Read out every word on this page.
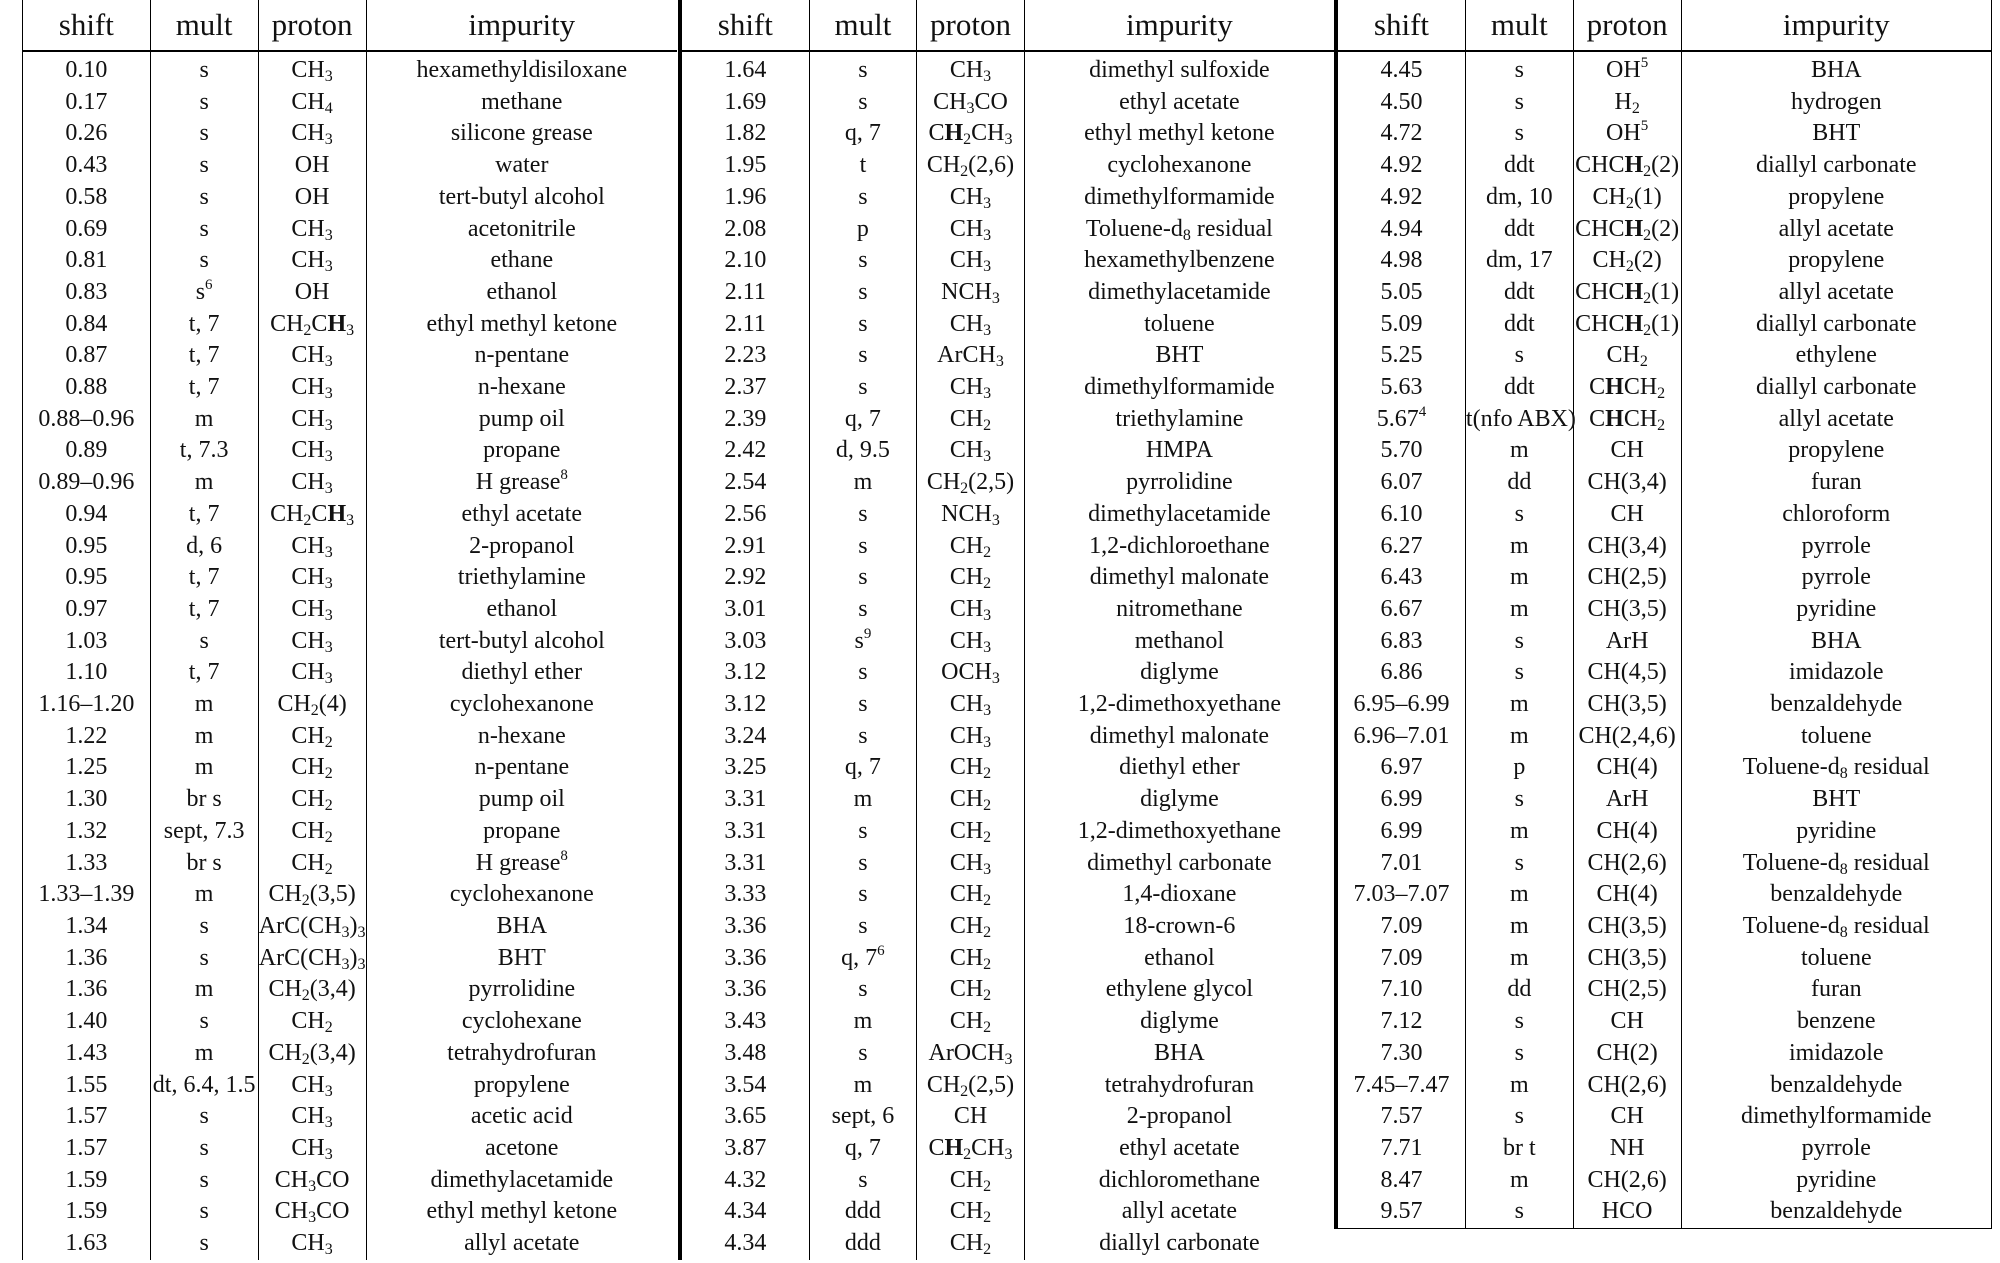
shift	mult	proton	impurity
0.10	s	$CH_3$	hexamethyldisiloxane
0.17	s	$CH_4$	methane
0.26	s	$CH_3$	silicone grease
0.43	s	OH	water
0.58	s	OH	tert-butyl alcohol
0.69	s	$CH_3$	acetonitrile
0.81	s	$CH_3$	ethane
0.83	$s^6$	OH	ethanol
0.84	t, 7	$CH_2CH_3$	ethyl methyl ketone
0.87	t, 7	$CH_3$	n-pentane
0.88	t, 7	$CH_3$	n-hexane
0.88–0.96	m	$CH_3$	pump oil
0.89	t, 7.3	$CH_3$	propane
0.89–0.96	m	$CH_3$	H grease$^8$
0.94	t, 7	$CH_2CH_3$	ethyl acetate
0.95	d, 6	$CH_3$	2-propanol
0.95	t, 7	$CH_3$	triethylamine
0.97	t, 7	$CH_3$	ethanol
1.03	s	$CH_3$	tert-butyl alcohol
1.10	t, 7	$CH_3$	diethyl ether
1.16–1.20	m	$CH_2(4)$	cyclohexanone
1.22	m	$CH_2$	n-hexane
1.25	m	$CH_2$	n-pentane
1.30	br s	$CH_2$	pump oil
1.32	sept, 7.3	$CH_2$	propane
1.33	br s	$CH_2$	H grease$^8$
1.33–1.39	m	$CH_2(3,5)$	cyclohexanone
1.34	s	$ArC(CH_3)_3$	BHA
1.36	s	$ArC(CH_3)_3$	BHT
1.36	m	$CH_2(3,4)$	pyrrolidine
1.40	s	$CH_2$	cyclohexane
1.43	m	$CH_2(3,4)$	tetrahydrofuran
1.55	dt, 6.4, 1.5	$CH_3$	propylene
1.57	s	$CH_3$	acetic acid
1.57	s	$CH_3$	acetone
1.59	s	$CH_3CO$	dimethylacetamide
1.59	s	$CH_3CO$	ethyl methyl ketone
1.63	s	$CH_3$	allyl acetate
shift	mult	proton	impurity
1.64	s	$CH_3$	dimethyl sulfoxide
1.69	s	$CH_3CO$	ethyl acetate
1.82	q, 7	$CH_2CH_3$	ethyl methyl ketone
1.95	t	$CH_2(2,6)$	cyclohexanone
1.96	s	$CH_3$	dimethylformamide
2.08	p	$CH_3$	Toluene-$d_8$ residual
2.10	s	$CH_3$	hexamethylbenzene
2.11	s	$NCH_3$	dimethylacetamide
2.11	s	$CH_3$	toluene
2.23	s	ArCH$_3$	BHT
2.37	s	$CH_3$	dimethylformamide
2.39	q, 7	$CH_2$	triethylamine
2.42	d, 9.5	$CH_3$	HMPA
2.54	m	$CH_2(2,5)$	pyrrolidine
2.56	s	$NCH_3$	dimethylacetamide
2.91	s	$CH_2$	1,2-dichloroethane
2.92	s	$CH_2$	dimethyl malonate
3.01	s	$CH_3$	nitromethane
3.03	$s^9$	$CH_3$	methanol
3.12	s	$OCH_3$	diglyme
3.12	s	$CH_3$	1,2-dimethoxyethane
3.24	s	$CH_3$	dimethyl malonate
3.25	q, 7	$CH_2$	diethyl ether
3.31	m	$CH_2$	diglyme
3.31	s	$CH_2$	1,2-dimethoxyethane
3.31	s	$CH_3$	dimethyl carbonate
3.33	s	$CH_2$	1,4-dioxane
3.36	s	$CH_2$	18-crown-6
3.36	q, $7^6$	$CH_2$	ethanol
3.36	s	$CH_2$	ethylene glycol
3.43	m	$CH_2$	diglyme
3.48	s	ArOCH$_3$	BHA
3.54	m	$CH_2(2,5)$	tetrahydrofuran
3.65	sept, 6	CH	2-propanol
3.87	q, 7	$CH_2CH_3$	ethyl acetate
4.32	s	$CH_2$	dichloromethane
4.34	ddd	$CH_2$	allyl acetate
4.34	ddd	$CH_2$	diallyl carbonate
shift	mult	proton	impurity
4.45	s	$OH^5$	BHA
4.50	s	$H_2$	hydrogen
4.72	s	$OH^5$	BHT
4.92	ddt	$CHCH_2(2)$	diallyl carbonate
4.92	dm, 10	$CH_2(1)$	propylene
4.94	ddt	$CHCH_2(2)$	allyl acetate
4.98	dm, 17	$CH_2(2)$	propylene
5.05	ddt	$CHCH_2(1)$	allyl acetate
5.09	ddt	$CHCH_2(1)$	diallyl carbonate
5.25	s	$CH_2$	ethylene
5.63	ddt	$CHCH_2$	diallyl carbonate
5.67$^4$	t(nfo ABX)	$CHCH_2$	allyl acetate
5.70	m	CH	propylene
6.07	dd	CH(3,4)	furan
6.10	s	CH	chloroform
6.27	m	CH(3,4)	pyrrole
6.43	m	CH(2,5)	pyrrole
6.67	m	CH(3,5)	pyridine
6.83	s	ArH	BHA
6.86	s	CH(4,5)	imidazole
6.95–6.99	m	CH(3,5)	benzaldehyde
6.96–7.01	m	CH(2,4,6)	toluene
6.97	p	CH(4)	Toluene-$d_8$ residual
6.99	s	ArH	BHT
6.99	m	CH(4)	pyridine
7.01	s	CH(2,6)	Toluene-$d_8$ residual
7.03–7.07	m	CH(4)	benzaldehyde
7.09	m	CH(3,5)	Toluene-$d_8$ residual
7.09	m	CH(3,5)	toluene
7.10	dd	CH(2,5)	furan
7.12	s	CH	benzene
7.30	s	CH(2)	imidazole
7.45–7.47	m	CH(2,6)	benzaldehyde
7.57	s	CH	dimethylformamide
7.71	br t	NH	pyrrole
8.47	m	CH(2,6)	pyridine
9.57	s	HCO	benzaldehyde
